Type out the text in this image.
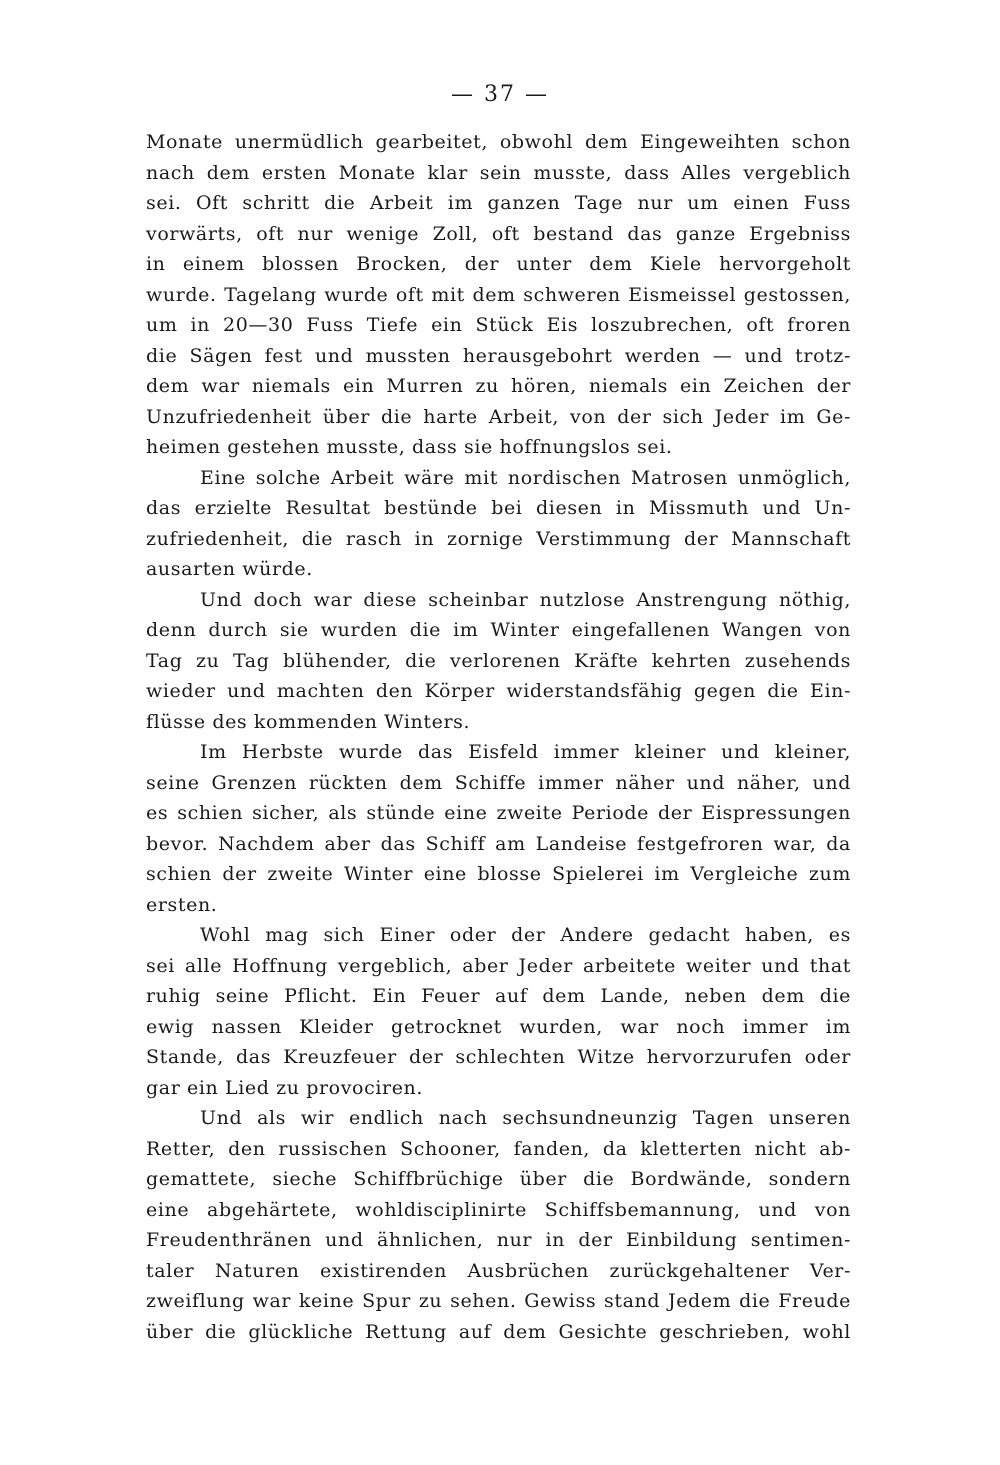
— 37 —
Monate unermüdlich gearbeitet, obwohl dem Eingeweihten schon
nach dem ersten Monate klar sein musste, dass Alles vergeblich
sei. Oft schritt die Arbeit im ganzen Tage nur um einen Fuss
vorwärts, oft nur wenige Zoll, oft bestand das ganze Ergebniss
in einem blossen Brocken, der unter dem Kiele hervorgeholt
wurde. Tagelang wurde oft mit dem schweren Eismeissel gestossen,
um in 20—30 Fuss Tiefe ein Stück Eis loszubrechen, oft froren
die Sägen fest und mussten herausgebohrt werden — und trotz-
dem war niemals ein Murren zu hören, niemals ein Zeichen der
Unzufriedenheit über die harte Arbeit, von der sich Jeder im Ge-
heimen gestehen musste, dass sie hoffnungslos sei.
Eine solche Arbeit wäre mit nordischen Matrosen unmöglich,
das erzielte Resultat bestünde bei diesen in Missmuth und Un-
zufriedenheit, die rasch in zornige Verstimmung der Mannschaft
ausarten würde.
Und doch war diese scheinbar nutzlose Anstrengung nöthig,
denn durch sie wurden die im Winter eingefallenen Wangen von
Tag zu Tag blühender, die verlorenen Kräfte kehrten zusehends
wieder und machten den Körper widerstandsfähig gegen die Ein-
flüsse des kommenden Winters.
Im Herbste wurde das Eisfeld immer kleiner und kleiner,
seine Grenzen rückten dem Schiffe immer näher und näher, und
es schien sicher, als stünde eine zweite Periode der Eispressungen
bevor. Nachdem aber das Schiff am Landeise festgefroren war, da
schien der zweite Winter eine blosse Spielerei im Vergleiche zum
ersten.
Wohl mag sich Einer oder der Andere gedacht haben, es
sei alle Hoffnung vergeblich, aber Jeder arbeitete weiter und that
ruhig seine Pflicht. Ein Feuer auf dem Lande, neben dem die
ewig nassen Kleider getrocknet wurden, war noch immer im
Stande, das Kreuzfeuer der schlechten Witze hervorzurufen oder
gar ein Lied zu provociren.
Und als wir endlich nach sechsundneunzig Tagen unseren
Retter, den russischen Schooner, fanden, da kletterten nicht ab-
gemattete, sieche Schiffbrüchige über die Bordwände, sondern
eine abgehärtete, wohldisciplinirte Schiffsbemannung, und von
Freudenthränen und ähnlichen, nur in der Einbildung sentimen-
taler Naturen existirenden Ausbrüchen zurückgehaltener Ver-
zweiflung war keine Spur zu sehen. Gewiss stand Jedem die Freude
über die glückliche Rettung auf dem Gesichte geschrieben, wohl
